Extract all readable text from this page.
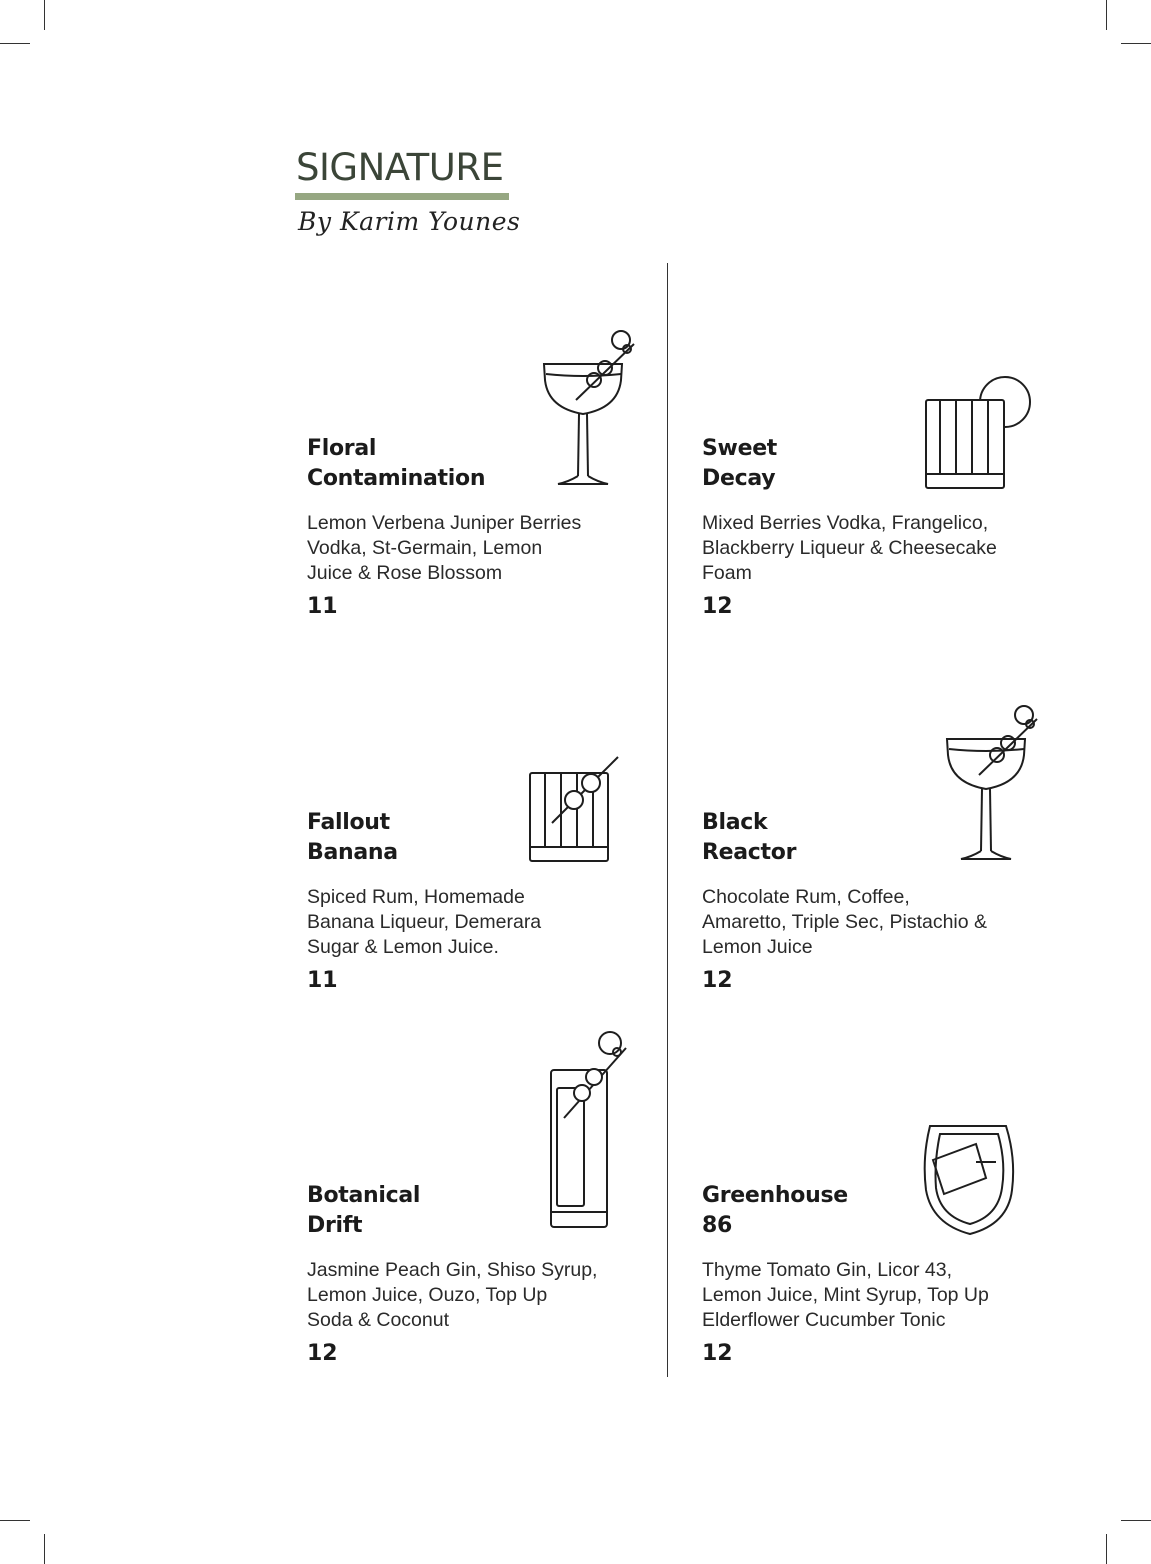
SIGNATURE
By Karim Younes
Floral
Contamination
Lemon Verbena Juniper Berries
Vodka, St-Germain, Lemon
Juice & Rose Blossom
11
Sweet
Decay
Mixed Berries Vodka, Frangelico,
Blackberry Liqueur & Cheesecake
Foam
12
Fallout
Banana
Spiced Rum, Homemade
Banana Liqueur, Demerara
Sugar & Lemon Juice.
11
Black
Reactor
Chocolate Rum, Coffee,
Amaretto, Triple Sec, Pistachio &
Lemon Juice
12
Botanical
Drift
Jasmine Peach Gin, Shiso Syrup,
Lemon Juice, Ouzo, Top Up
Soda & Coconut
12
Greenhouse
86
Thyme Tomato Gin, Licor 43,
Lemon Juice, Mint Syrup, Top Up
Elderflower Cucumber Tonic
12
